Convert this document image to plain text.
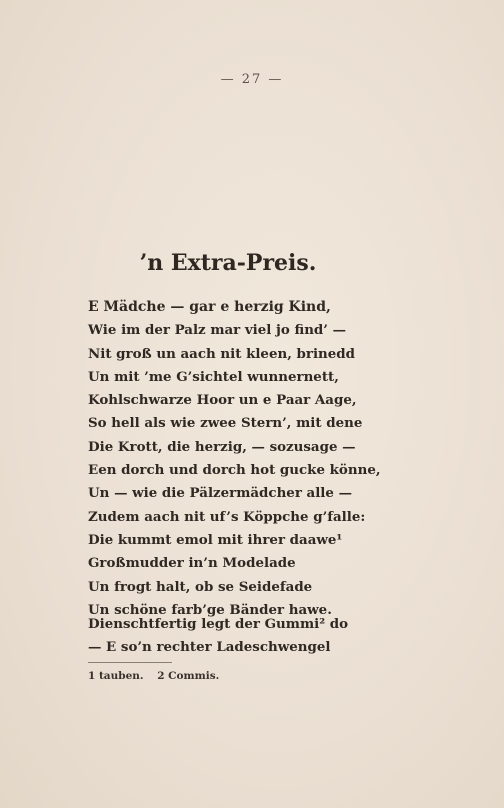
— 27 —
’n Extra-Preis.
E Mädche — gar e herzig Kind,
Wie im der Palz mar viel jo find’ —
Nit groß un aach nit kleen, brinedd
Un mit ’me G’sichtel wunnernett,
Kohlschwarze Hoor un e Paar Aage,
So hell als wie zwee Stern’, mit dene
Die Krott, die herzig, — sozusage —
Een dorch und dorch hot gucke könne,
Un — wie die Pälzermädcher alle —
Zudem aach nit uf’s Köppche g’falle:
Die kummt emol mit ihrer daawe¹
Großmudder in’n Modelade
Un frogt halt, ob se Seidefade
Un schöne farb’ge Bänder hawe.
Dienschtfertig legt der Gummi² do
— E so’n rechter Ladeschwengel
1 tauben. 2 Commis.
